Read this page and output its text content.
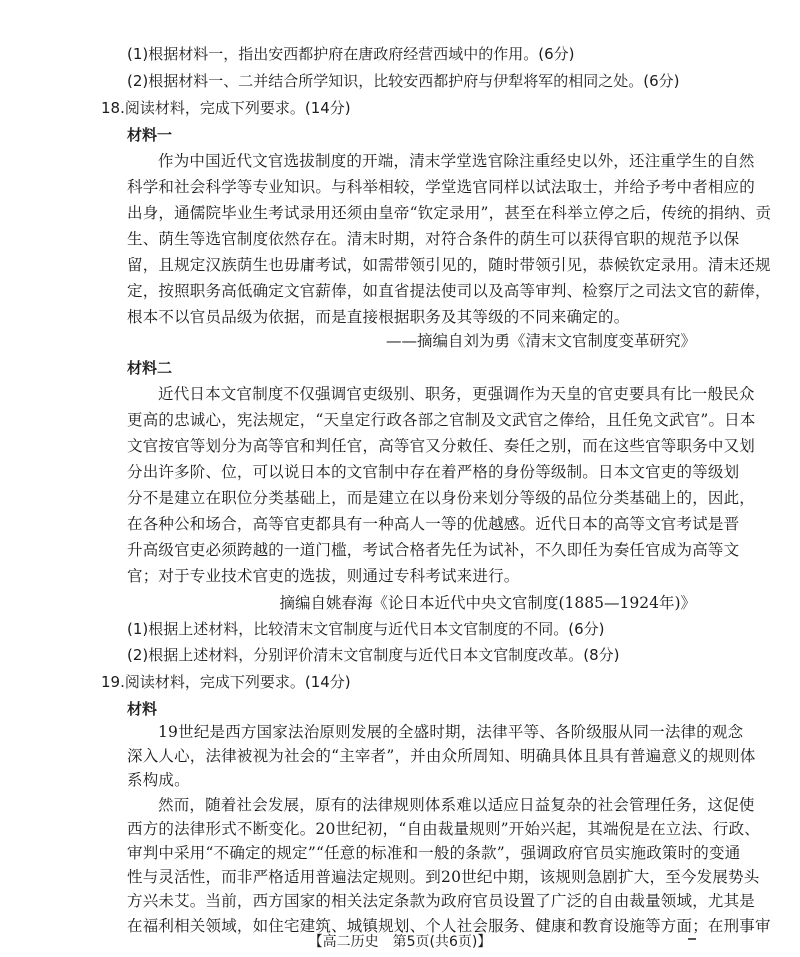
(1)根据材料一，指出安西都护府在唐政府经营西域中的作用。(6分)
(2)根据材料一、二并结合所学知识，比较安西都护府与伊犁将军的相同之处。(6分)
18.阅读材料，完成下列要求。(14分)
材料一
作为中国近代文官选拔制度的开端，清末学堂选官除注重经史以外，还注重学生的自然
科学和社会科学等专业知识。与科举相较，学堂选官同样以试法取士，并给予考中者相应的
出身，通儒院毕业生考试录用还须由皇帝“钦定录用”，甚至在科举立停之后，传统的捐纳、贡
生、荫生等选官制度依然存在。清末时期，对符合条件的荫生可以获得官职的规范予以保
留，且规定汉族荫生也毋庸考试，如需带领引见的，随时带领引见，恭候钦定录用。清末还规
定，按照职务高低确定文官薪俸，如直省提法使司以及高等审判、检察厅之司法文官的薪俸，
根本不以官员品级为依据，而是直接根据职务及其等级的不同来确定的。
——摘编自刘为勇《清末文官制度变革研究》
材料二
近代日本文官制度不仅强调官吏级别、职务，更强调作为天皇的官吏要具有比一般民众
更高的忠诚心，宪法规定，“天皇定行政各部之官制及文武官之俸给，且任免文武官”。日本
文官按官等划分为高等官和判任官，高等官又分敕任、奏任之别，而在这些官等职务中又划
分出许多阶、位，可以说日本的文官制中存在着严格的身份等级制。日本文官吏的等级划
分不是建立在职位分类基础上，而是建立在以身份来划分等级的品位分类基础上的，因此，
在各种公和场合，高等官吏都具有一种高人一等的优越感。近代日本的高等文官考试是晋
升高级官吏必须跨越的一道门槛，考试合格者先任为试补，不久即任为奏任官成为高等文
官；对于专业技术官吏的选拔，则通过专科考试来进行。
摘编自姚春海《论日本近代中央文官制度(1885—1924年)》
(1)根据上述材料，比较清末文官制度与近代日本文官制度的不同。(6分)
(2)根据上述材料，分别评价清末文官制度与近代日本文官制度改革。(8分)
19.阅读材料，完成下列要求。(14分)
材料
19世纪是西方国家法治原则发展的全盛时期，法律平等、各阶级服从同一法律的观念
深入人心，法律被视为社会的“主宰者”，并由众所周知、明确具体且具有普遍意义的规则体
系构成。
然而，随着社会发展，原有的法律规则体系难以适应日益复杂的社会管理任务，这促使
西方的法律形式不断变化。20世纪初，“自由裁量规则”开始兴起，其端倪是在立法、行政、
审判中采用“不确定的规定”“任意的标准和一般的条款”，强调政府官员实施政策时的变通
性与灵活性，而非严格适用普遍法定规则。到20世纪中期，该规则急剧扩大，至今发展势头
方兴未艾。当前，西方国家的相关法定条款为政府官员设置了广泛的自由裁量领域，尤其是
在福利相关领域，如住宅建筑、城镇规划、个人社会服务、健康和教育设施等方面；在刑事审
【高二历史　第5页(共6页)】
